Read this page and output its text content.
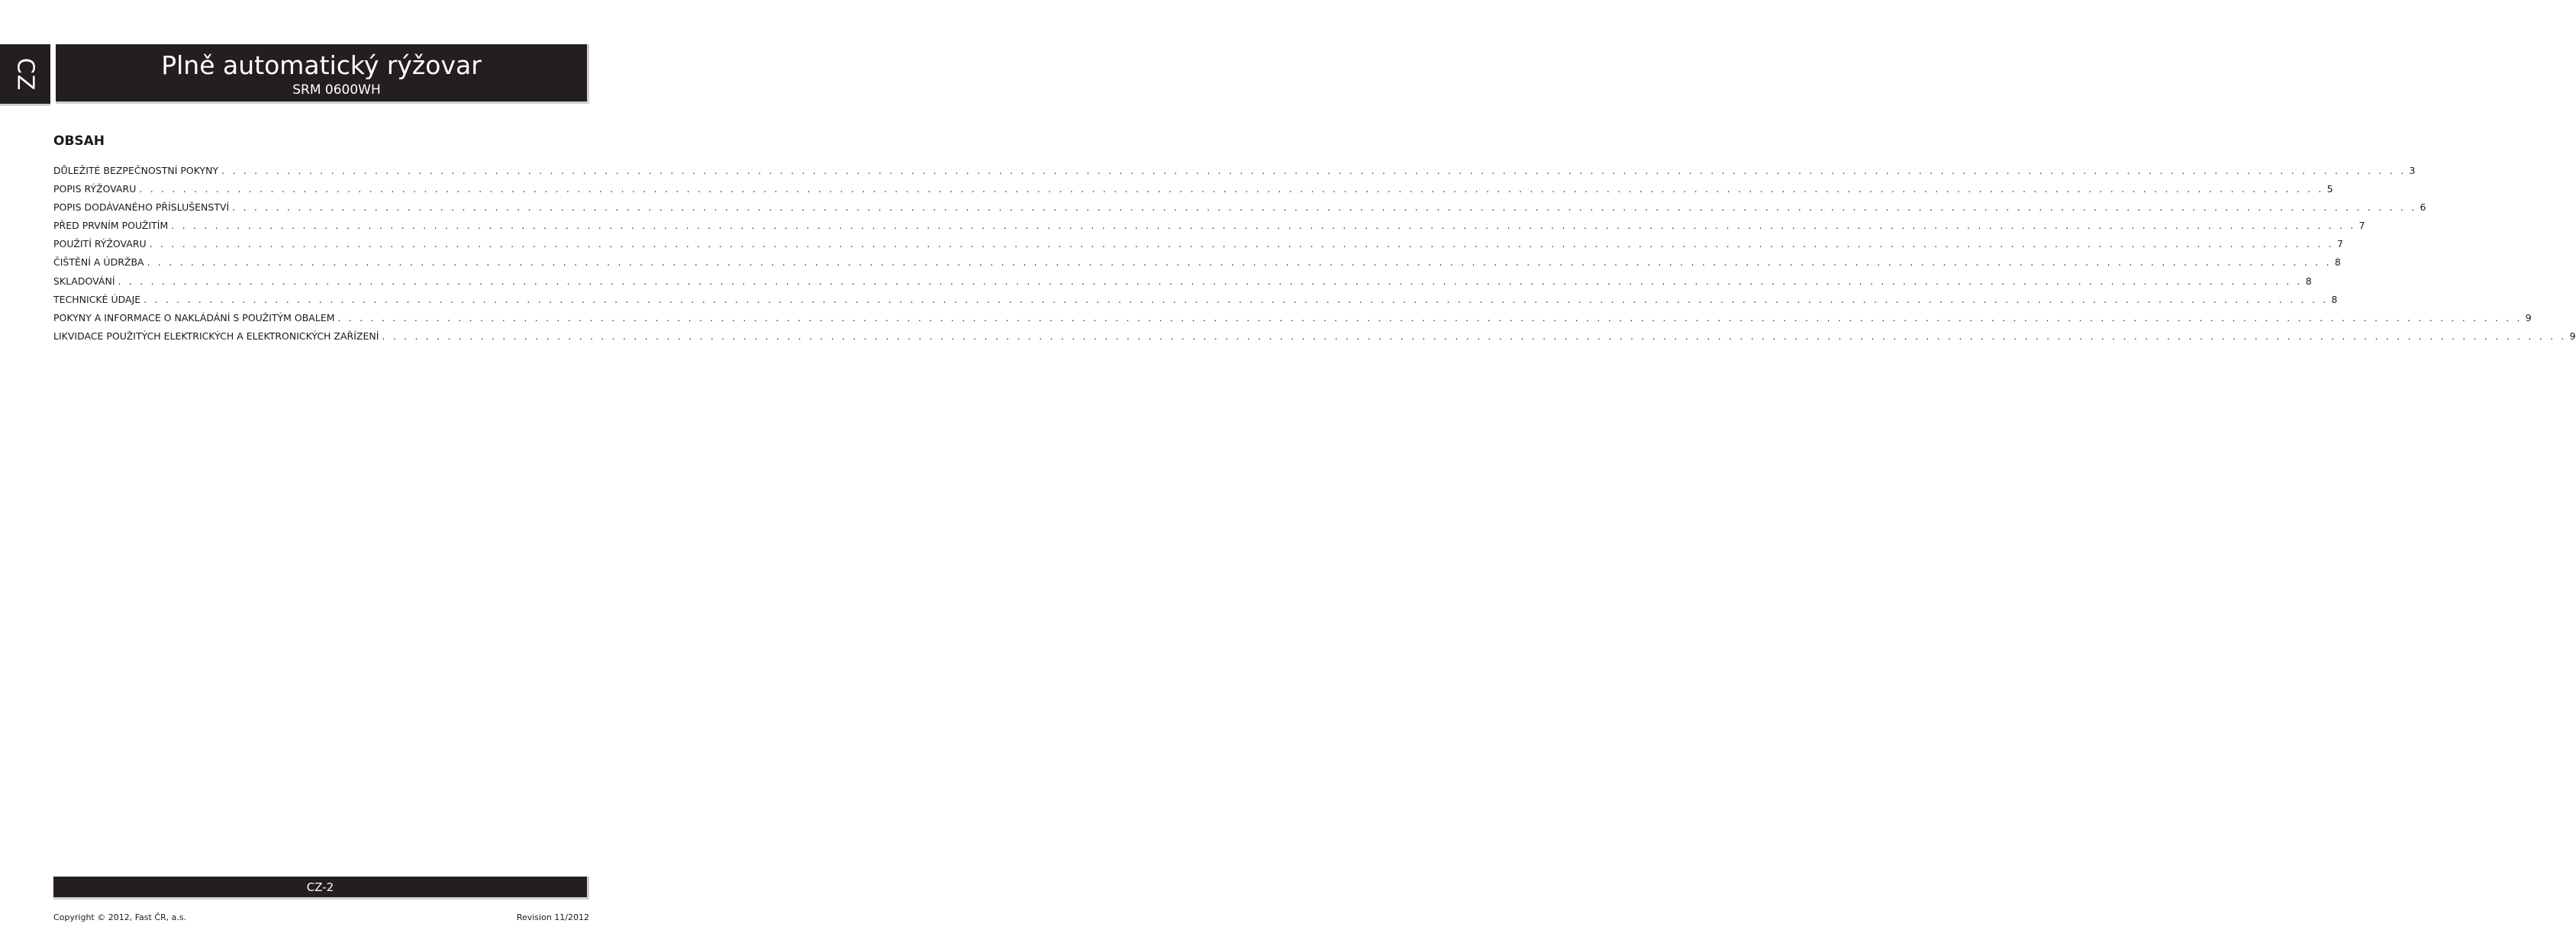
CZ	Plně automatický rýžovar
SRM 0600WH
OBSAH
DŮLEŽITÉ BEZPEČNOSTNÍ POKYNY . . . . . . . . . . . . . . . . . . . . . . . . . . . . . . . . . . . . . . . . . . . . . . . . . . . . . . . . . . . . . . . . . . . . . . . . . . . . . . . . . . . . . . . . . . . . . . . . . . . . . . . . . . . . . . . . . . . . . . . . . . . . . . . . . . . . . . . . . . . . . . . . . . . . . . . . . . . . . . . . . . . . . . . . . . . . . . . . . . . . . . . . . . . . . . . . . . . . . . . . 3
POPIS RÝŽOVARU . . . . . . . . . . . . . . . . . . . . . . . . . . . . . . . . . . . . . . . . . . . . . . . . . . . . . . . . . . . . . . . . . . . . . . . . . . . . . . . . . . . . . . . . . . . . . . . . . . . . . . . . . . . . . . . . . . . . . . . . . . . . . . . . . . . . . . . . . . . . . . . . . . . . . . . . . . . . . . . . . . . . . . . . . . . . . . . . . . . . . . . . . . . . . . . . . . . . . . . . 5
POPIS DODÁVANÉHO PŘÍSLUŠENSTVÍ . . . . . . . . . . . . . . . . . . . . . . . . . . . . . . . . . . . . . . . . . . . . . . . . . . . . . . . . . . . . . . . . . . . . . . . . . . . . . . . . . . . . . . . . . . . . . . . . . . . . . . . . . . . . . . . . . . . . . . . . . . . . . . . . . . . . . . . . . . . . . . . . . . . . . . . . . . . . . . . . . . . . . . . . . . . . . . . . . . . . . . . . . . . . . . . . . . . . . . . . 6
PŘED PRVNÍM POUŽITÍM . . . . . . . . . . . . . . . . . . . . . . . . . . . . . . . . . . . . . . . . . . . . . . . . . . . . . . . . . . . . . . . . . . . . . . . . . . . . . . . . . . . . . . . . . . . . . . . . . . . . . . . . . . . . . . . . . . . . . . . . . . . . . . . . . . . . . . . . . . . . . . . . . . . . . . . . . . . . . . . . . . . . . . . . . . . . . . . . . . . . . . . . . . . . . . . . . . . . . . . . 7
POUŽITÍ RÝŽOVARU . . . . . . . . . . . . . . . . . . . . . . . . . . . . . . . . . . . . . . . . . . . . . . . . . . . . . . . . . . . . . . . . . . . . . . . . . . . . . . . . . . . . . . . . . . . . . . . . . . . . . . . . . . . . . . . . . . . . . . . . . . . . . . . . . . . . . . . . . . . . . . . . . . . . . . . . . . . . . . . . . . . . . . . . . . . . . . . . . . . . . . . . . . . . . . . . . . . . . . . . 7
ČIŠTĚNÍ A ÚDRŽBA . . . . . . . . . . . . . . . . . . . . . . . . . . . . . . . . . . . . . . . . . . . . . . . . . . . . . . . . . . . . . . . . . . . . . . . . . . . . . . . . . . . . . . . . . . . . . . . . . . . . . . . . . . . . . . . . . . . . . . . . . . . . . . . . . . . . . . . . . . . . . . . . . . . . . . . . . . . . . . . . . . . . . . . . . . . . . . . . . . . . . . . . . . . . . . . . . . . . . . . . 8
SKLADOVÁNÍ . . . . . . . . . . . . . . . . . . . . . . . . . . . . . . . . . . . . . . . . . . . . . . . . . . . . . . . . . . . . . . . . . . . . . . . . . . . . . . . . . . . . . . . . . . . . . . . . . . . . . . . . . . . . . . . . . . . . . . . . . . . . . . . . . . . . . . . . . . . . . . . . . . . . . . . . . . . . . . . . . . . . . . . . . . . . . . . . . . . . . . . . . . . . . . . . . . . . . . . . 8
TECHNICKÉ ÚDAJE . . . . . . . . . . . . . . . . . . . . . . . . . . . . . . . . . . . . . . . . . . . . . . . . . . . . . . . . . . . . . . . . . . . . . . . . . . . . . . . . . . . . . . . . . . . . . . . . . . . . . . . . . . . . . . . . . . . . . . . . . . . . . . . . . . . . . . . . . . . . . . . . . . . . . . . . . . . . . . . . . . . . . . . . . . . . . . . . . . . . . . . . . . . . . . . . . . . . . . . . 8
POKYNY A INFORMACE O NAKLÁDÁNÍ S POUŽITÝM OBALEM . . . . . . . . . . . . . . . . . . . . . . . . . . . . . . . . . . . . . . . . . . . . . . . . . . . . . . . . . . . . . . . . . . . . . . . . . . . . . . . . . . . . . . . . . . . . . . . . . . . . . . . . . . . . . . . . . . . . . . . . . . . . . . . . . . . . . . . . . . . . . . . . . . . . . . . . . . . . . . . . . . . . . . . . . . . . . . . . . . . . . . . . . . . . . . . . . . . . . . . . 9
LIKVIDACE POUŽITÝCH ELEKTRICKÝCH A ELEKTRONICKÝCH ZAŘÍZENÍ . . . . . . . . . . . . . . . . . . . . . . . . . . . . . . . . . . . . . . . . . . . . . . . . . . . . . . . . . . . . . . . . . . . . . . . . . . . . . . . . . . . . . . . . . . . . . . . . . . . . . . . . . . . . . . . . . . . . . . . . . . . . . . . . . . . . . . . . . . . . . . . . . . . . . . . . . . . . . . . . . . . . . . . . . . . . . . . . . . . . . . . . . . . . . . . . . . . . . . . . 9
CZ-2
Copyright © 2012, Fast ČR, a.s.	Revision 11/2012
